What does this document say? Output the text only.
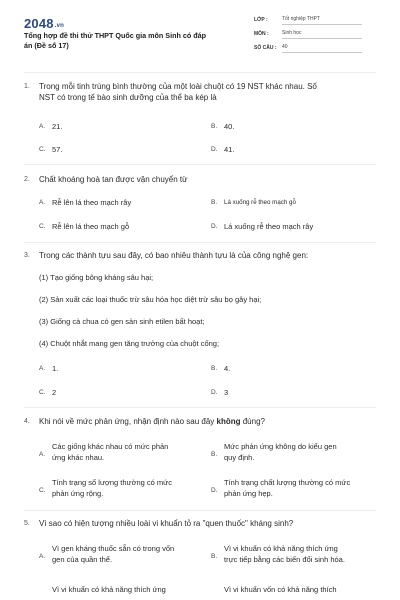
2048.vn
Tổng hợp đề thi thử THPT Quốc gia môn Sinh có đáp án (Đề số 17)
LỚP :	Tốt nghiệp THPT
MÔN :	Sinh học
SỐ CÂU : 40
1. Trong mỗi tinh trùng bình thường của một loài chuột có 19 NST khác nhau. Số
NST có trong tế bào sinh dưỡng của thể ba kép là
A. 21.	B. 40.
C. 57.	D. 41.
2. Chất khoáng hoà tan được vận chuyển từ
A. Rễ lên lá theo mạch rây	B. Lá xuống rễ theo mạch gỗ
C. Rễ lên lá theo mạch gỗ	D. Lá xuống rễ theo mạch rây
3. Trong các thành tựu sau đây, có bao nhiêu thành tựu là của công nghệ gen:
(1) Tạo giống bông kháng sâu hại;
(2) Sản xuất các loại thuốc trừ sâu hóa học diệt trừ sâu bọ gây hại;
(3) Giống cà chua có gen sản sinh etilen bất hoạt;
(4) Chuột nhắt mang gen tăng trưởng của chuột cống;
A. 1.	B. 4.
C. 2	D. 3
4. Khi nói về mức phản ứng, nhận định nào sau đây không đúng?
A.
Các giống khác nhau có mức phản
ứng khác nhau.	B.
Mức phản ứng không do kiểu gen
quy định.
C.
Tính trạng số lượng thường có mức
phản ứng rộng.	D.
Tính trạng chất lượng thường có mức
phản ứng hẹp.
5. Vì sao có hiện tượng nhiều loài vi khuẩn tỏ ra "quen thuốc" kháng sinh?
A.
Vì gen kháng thuốc sẵn có trong vốn
gen của quần thể.	B.
Vì vi khuẩn có khả năng thích ứng
trực tiếp bằng các biến đổi sinh hóa.
Vì vi khuẩn có khả năng thích ứng	Vì vi khuẩn vốn có khả năng thích
